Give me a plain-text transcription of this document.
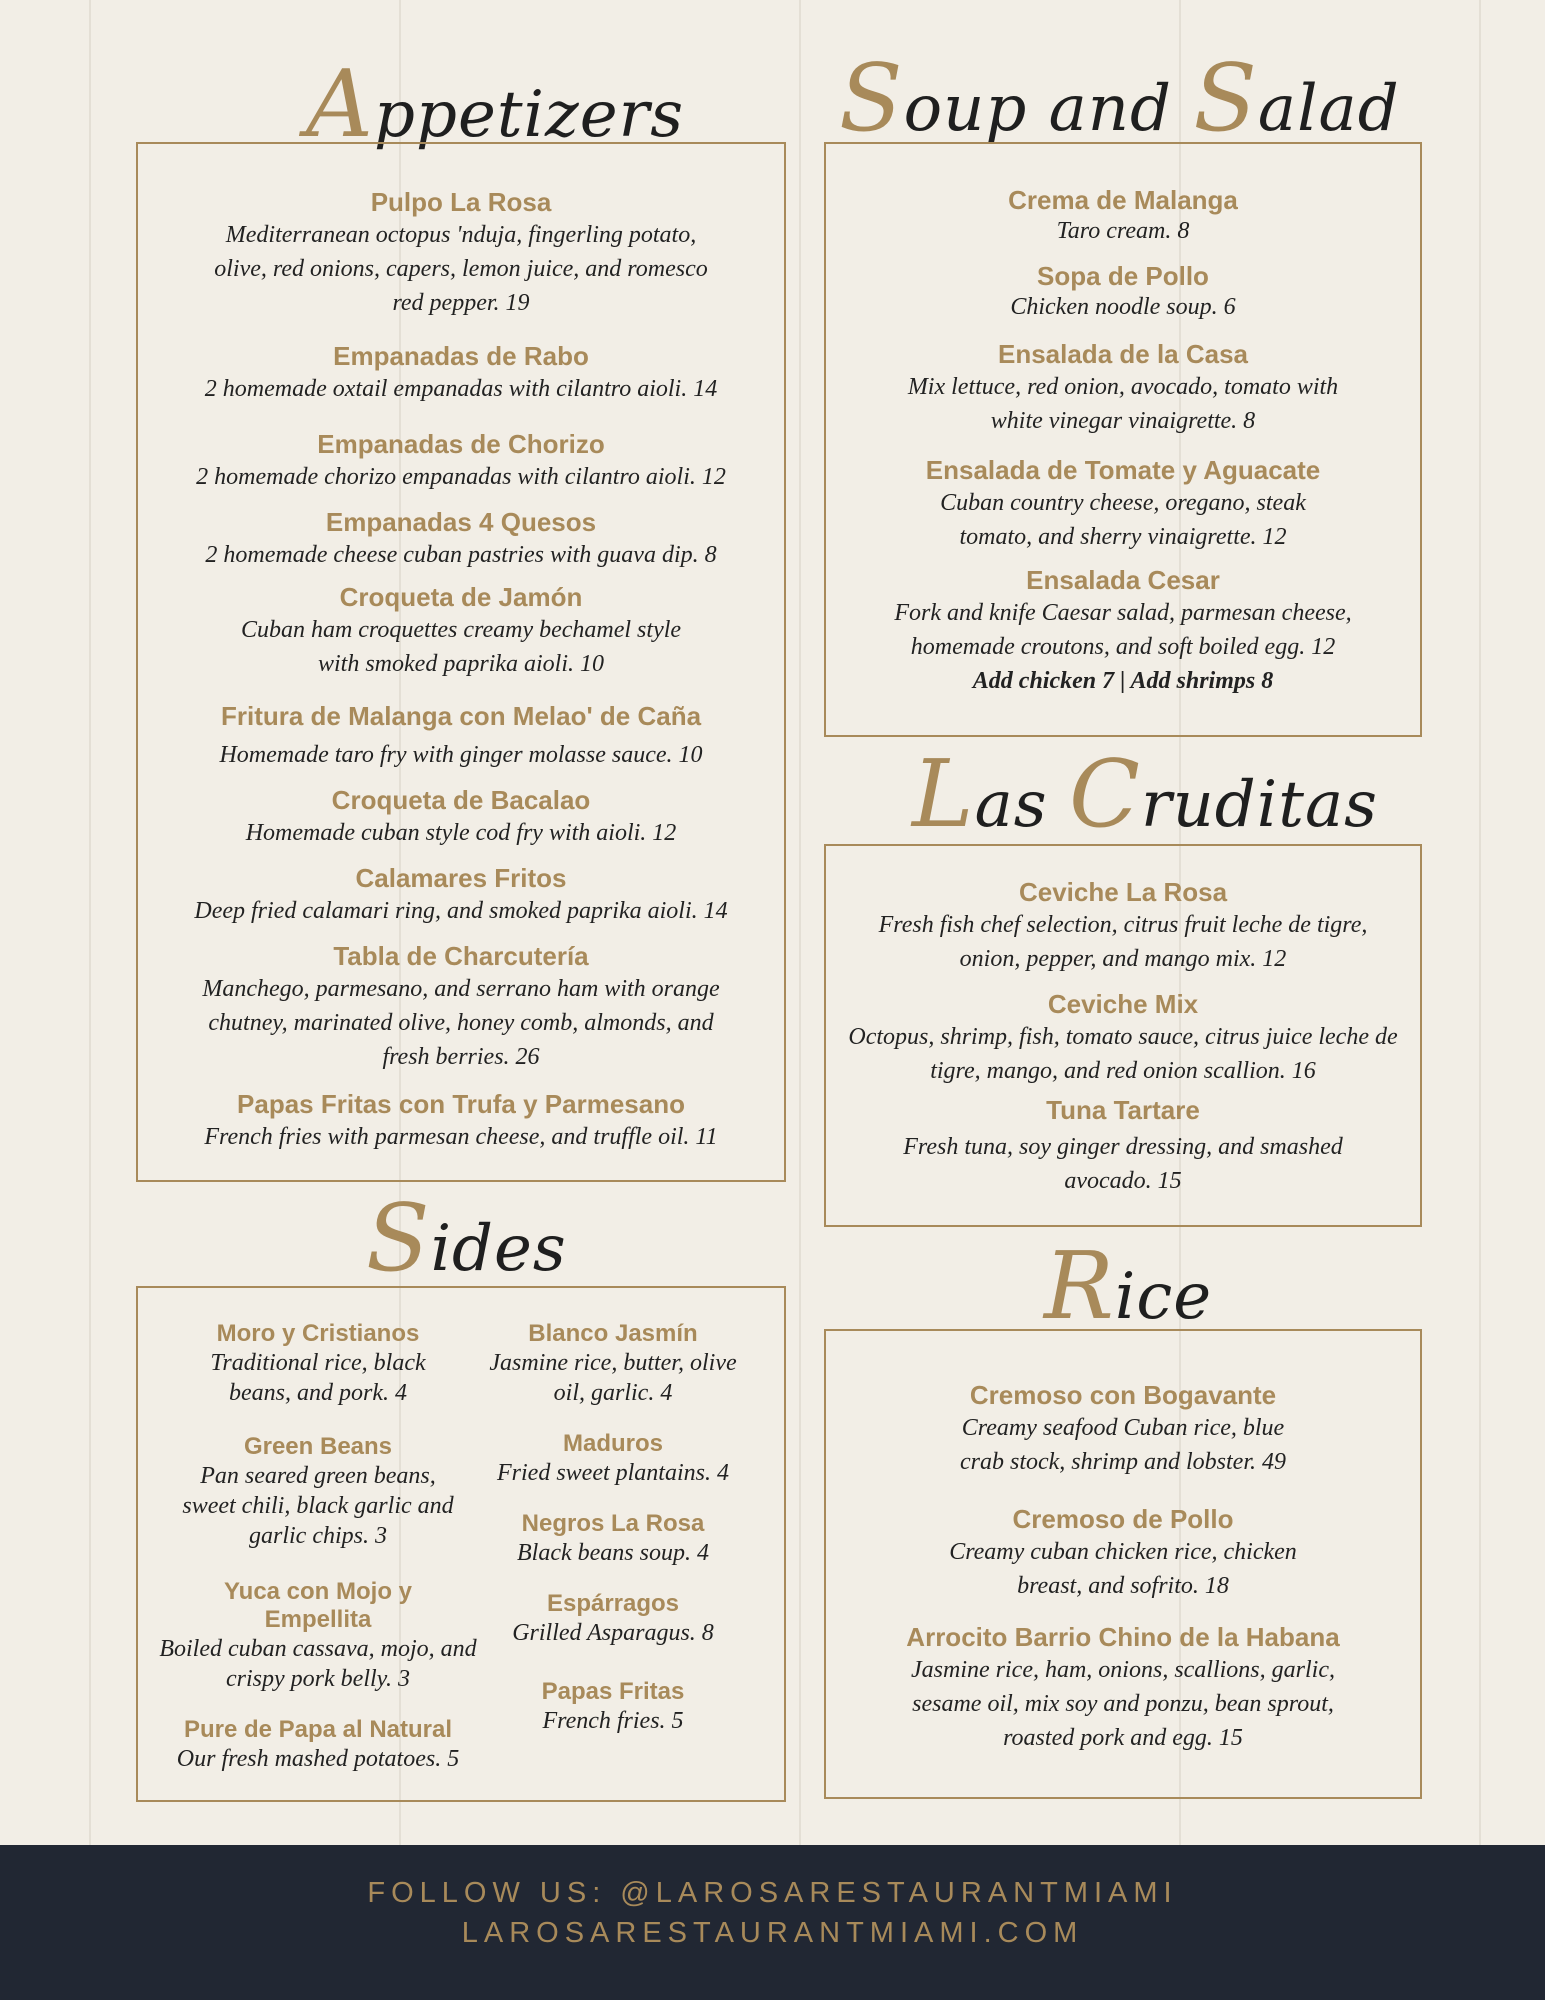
Appetizers
Pulpo La Rosa
Mediterranean octopus 'nduja, fingerling potato, olive, red onions, capers, lemon juice, and romesco red pepper. 19
Empanadas de Rabo
2 homemade oxtail empanadas with cilantro aioli. 14
Empanadas de Chorizo
2 homemade chorizo empanadas with cilantro aioli. 12
Empanadas 4 Quesos
2 homemade cheese cuban pastries with guava dip. 8
Croqueta de Jamón
Cuban ham croquettes creamy bechamel style with smoked paprika aioli. 10
Fritura de Malanga con Melao' de Caña
Homemade taro fry with ginger molasse sauce. 10
Croqueta de Bacalao
Homemade cuban style cod fry with aioli. 12
Calamares Fritos
Deep fried calamari ring, and smoked paprika aioli. 14
Tabla de Charcutería
Manchego, parmesano, and serrano ham with orange chutney, marinated olive, honey comb, almonds, and fresh berries. 26
Papas Fritas con Trufa y Parmesano
French fries with parmesan cheese, and truffle oil. 11
Sides
Moro y Cristianos
Traditional rice, black beans, and pork. 4
Green Beans
Pan seared green beans, sweet chili, black garlic and garlic chips. 3
Yuca con Mojo y Empellita
Boiled cuban cassava, mojo, and crispy pork belly. 3
Pure de Papa al Natural
Our fresh mashed potatoes. 5
Blanco Jasmín
Jasmine rice, butter, olive oil, garlic. 4
Maduros
Fried sweet plantains. 4
Negros La Rosa
Black beans soup. 4
Espárragos
Grilled Asparagus. 8
Papas Fritas
French fries. 5
Soup and Salad
Crema de Malanga
Taro cream. 8
Sopa de Pollo
Chicken noodle soup. 6
Ensalada de la Casa
Mix lettuce, red onion, avocado, tomato with white vinegar vinaigrette. 8
Ensalada de Tomate y Aguacate
Cuban country cheese, oregano, steak tomato, and sherry vinaigrette. 12
Ensalada Cesar
Fork and knife Caesar salad, parmesan cheese, homemade croutons, and soft boiled egg. 12
Add chicken 7 | Add shrimps 8
Las Cruditas
Ceviche La Rosa
Fresh fish chef selection, citrus fruit leche de tigre, onion, pepper, and mango mix. 12
Ceviche Mix
Octopus, shrimp, fish, tomato sauce, citrus juice leche de tigre, mango, and red onion scallion. 16
Tuna Tartare
Fresh tuna, soy ginger dressing, and smashed avocado. 15
Rice
Cremoso con Bogavante
Creamy seafood Cuban rice, blue crab stock, shrimp and lobster. 49
Cremoso de Pollo
Creamy cuban chicken rice, chicken breast, and sofrito. 18
Arrocito Barrio Chino de la Habana
Jasmine rice, ham, onions, scallions, garlic, sesame oil, mix soy and ponzu, bean sprout, roasted pork and egg. 15
FOLLOW US: @LAROSARESTAURANTMIAMI
LAROSARESTAURANTMIAMI.COM
